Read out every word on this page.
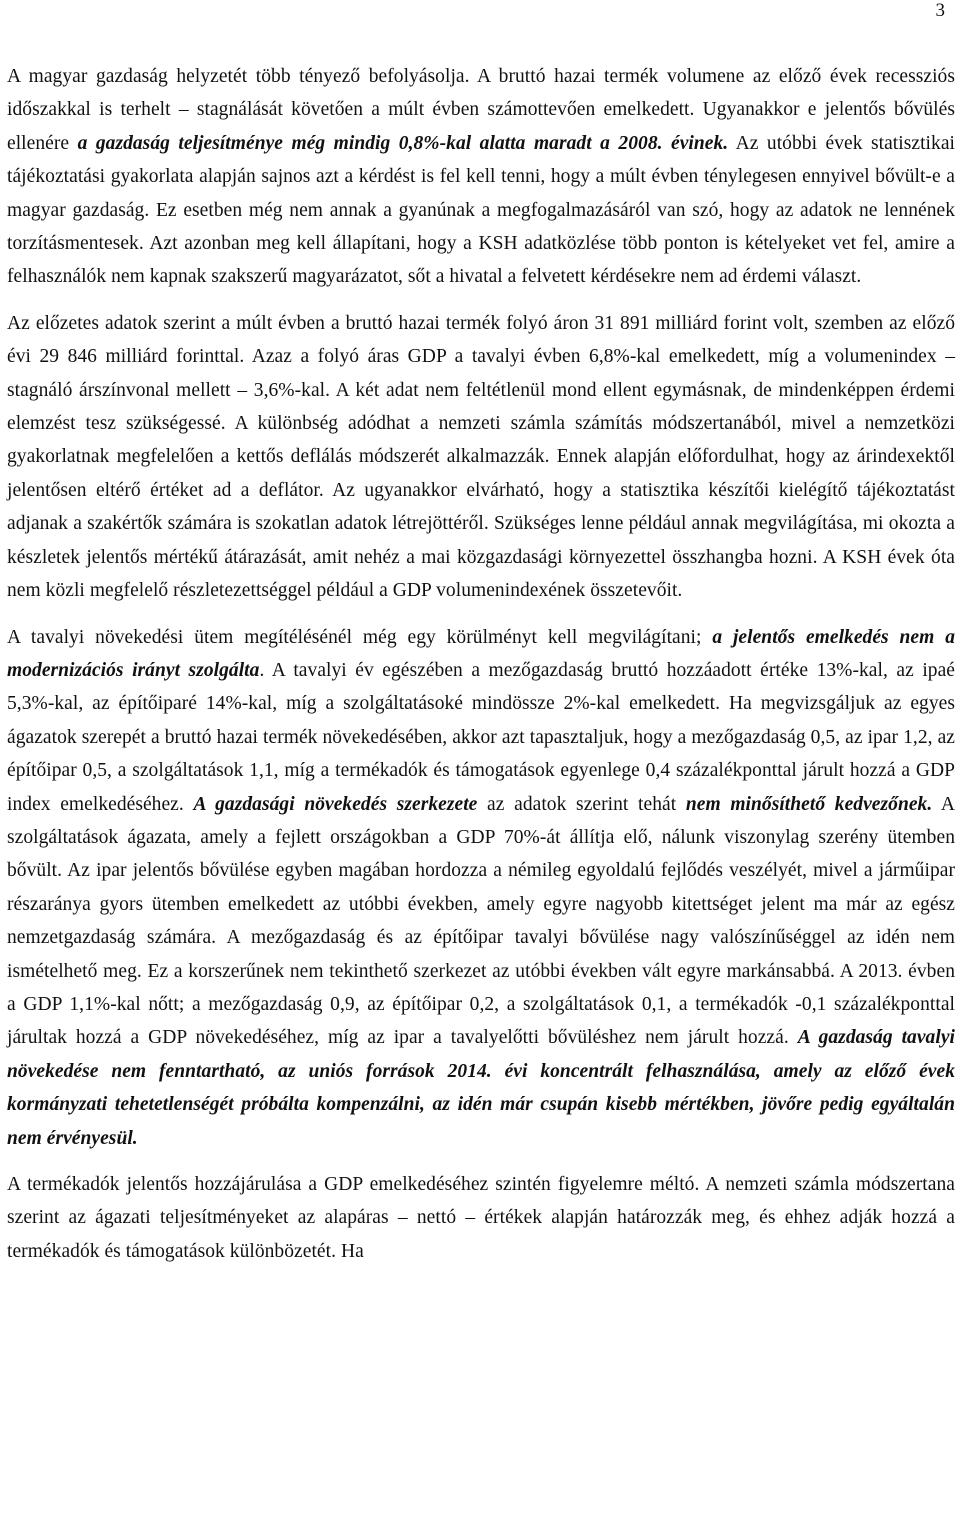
3

A magyar gazdaság helyzetét több tényező befolyásolja. A bruttó hazai termék volumene az előző évek recessziós időszakkal is terhelt – stagnálását követően a múlt évben számottevően emelkedett. Ugyanakkor e jelentős bővülés ellenére a gazdaság teljesítménye még mindig 0,8%-kal alatta maradt a 2008. évinek. Az utóbbi évek statisztikai tájékoztatási gyakorlata alapján sajnos azt a kérdést is fel kell tenni, hogy a múlt évben ténylegesen ennyivel bővült-e a magyar gazdaság. Ez esetben még nem annak a gyanúnak a megfogalmazásáról van szó, hogy az adatok ne lennének torzításmentesek. Azt azonban meg kell állapítani, hogy a KSH adatközlése több ponton is kételyeket vet fel, amire a felhasználók nem kapnak szakszerű magyarázatot, sőt a hivatal a felvetett kérdésekre nem ad érdemi választ.

Az előzetes adatok szerint a múlt évben a bruttó hazai termék folyó áron 31 891 milliárd forint volt, szemben az előző évi 29 846 milliárd forinttal. Azaz a folyó áras GDP a tavalyi évben 6,8%-kal emelkedett, míg a volumenindex – stagnáló árszínvonal mellett – 3,6%-kal. A két adat nem feltétlenül mond ellent egymásnak, de mindenképpen érdemi elemzést tesz szükségessé. A különbség adódhat a nemzeti számla számítás módszertanából, mivel a nemzetközi gyakorlatnak megfelelően a kettős deflálás módszerét alkalmazzák. Ennek alapján előfordulhat, hogy az árindexektől jelentősen eltérő értéket ad a deflátor. Az ugyanakkor elvárható, hogy a statisztika készítői kielégítő tájékoztatást adjanak a szakértők számára is szokatlan adatok létrejöttéről. Szükséges lenne például annak megvilágítása, mi okozta a készletek jelentős mértékű átárazását, amit nehéz a mai közgazdasági környezettel összhangba hozni. A KSH évek óta nem közli megfelelő részletezettséggel például a GDP volumenindexének összetevőit.

A tavalyi növekedési ütem megítélésénél még egy körülményt kell megvilágítani; a jelentős emelkedés nem a modernizációs irányt szolgálta. A tavalyi év egészében a mezőgazdaság bruttó hozzáadott értéke 13%-kal, az ipaé 5,3%-kal, az építőiparé 14%-kal, míg a szolgáltatásoké mindössze 2%-kal emelkedett. Ha megvizsgáljuk az egyes ágazatok szerepét a bruttó hazai termék növekedésében, akkor azt tapasztaljuk, hogy a mezőgazdaság 0,5, az ipar 1,2, az építőipar 0,5, a szolgáltatások 1,1, míg a termékadók és támogatások egyenlege 0,4 százalékponttal járult hozzá a GDP index emelkedéséhez. A gazdasági növekedés szerkezete az adatok szerint tehát nem minősíthető kedvezőnek. A szolgáltatások ágazata, amely a fejlett országokban a GDP 70%-át állítja elő, nálunk viszonylag szerény ütemben bővült. Az ipar jelentős bővülése egyben magában hordozza a némileg egyoldalú fejlődés veszélyét, mivel a járműipar részaránya gyors ütemben emelkedett az utóbbi években, amely egyre nagyobb kitettséget jelent ma már az egész nemzetgazdaság számára. A mezőgazdaság és az építőipar tavalyi bővülése nagy valószínűséggel az idén nem ismételhető meg. Ez a korszerűnek nem tekinthető szerkezet az utóbbi években vált egyre markánsabbá. A 2013. évben a GDP 1,1%-kal nőtt; a mezőgazdaság 0,9, az építőipar 0,2, a szolgáltatások 0,1, a termékadók -0,1 százalékponttal járultak hozzá a GDP növekedéséhez, míg az ipar a tavalyelőtti bővüléshez nem járult hozzá. A gazdaság tavalyi növekedése nem fenntartható, az uniós források 2014. évi koncentrált felhasználása, amely az előző évek kormányzati tehetetlenségét próbálta kompenzálni, az idén már csupán kisebb mértékben, jövőre pedig egyáltalán nem érvényesül.

A termékadók jelentős hozzájárulása a GDP emelkedéséhez szintén figyelemre méltó. A nemzeti számla módszertana szerint az ágazati teljesítményeket az alapáras – nettó – értékek alapján határozzák meg, és ehhez adják hozzá a termékadók és támogatások különbözetét. Ha
